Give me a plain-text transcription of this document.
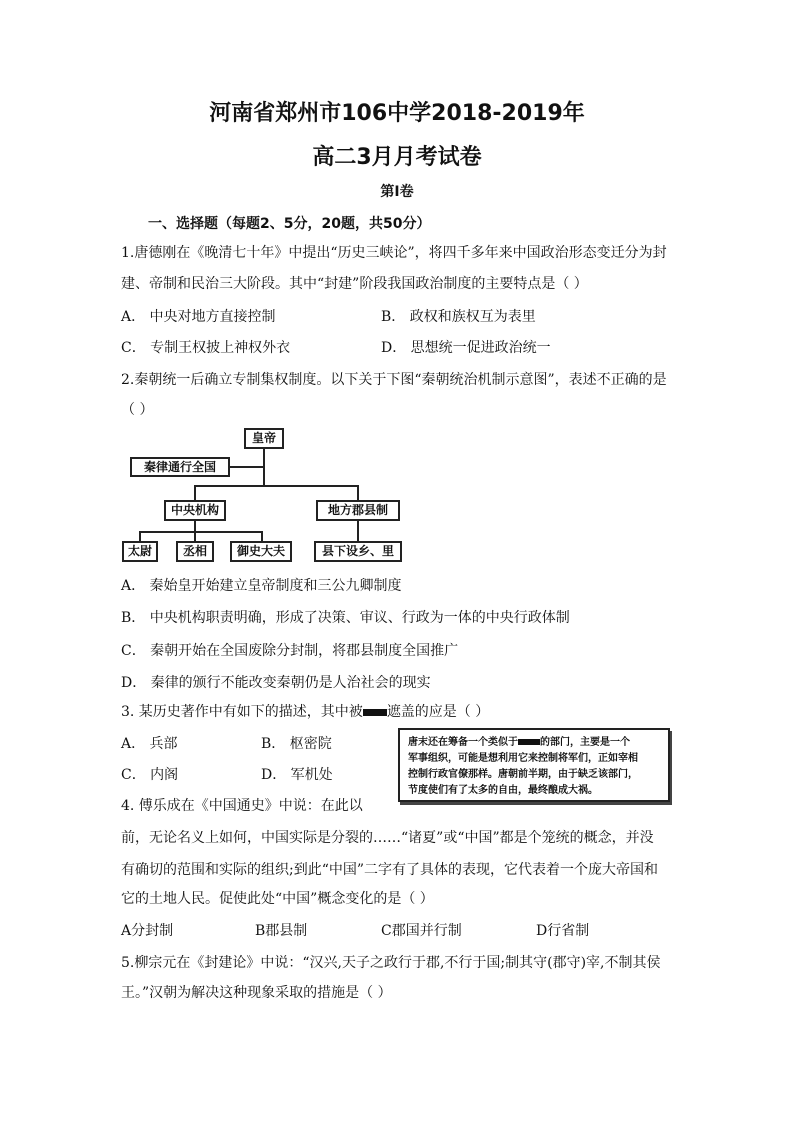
河南省郑州市106中学2018-2019年
高二3月月考试卷
第Ⅰ卷
一、选择题（每题2、5分，20题，共50分）
1.唐德刚在《晚清七十年》中提出“历史三峡论”，将四千多年来中国政治形态变迁分为封
建、帝制和民治三大阶段。其中“封建”阶段我国政治制度的主要特点是（ ）
A． 中央对地方直接控制	B． 政权和族权互为表里
C． 专制王权披上神权外衣	D． 思想统一促进政治统一
2.秦朝统一后确立专制集权制度。以下关于下图“秦朝统治机制示意图”，表述不正确的是
（ ）
皇帝
秦律通行全国
中央机构	地方郡县制
太尉	丞相	御史大夫	县下设乡、里
A． 秦始皇开始建立皇帝制度和三公九卿制度
B． 中央机构职责明确，形成了决策、审议、行政为一体的中央行政体制
C． 秦朝开始在全国废除分封制，将郡县制度全国推广
D． 秦律的颁行不能改变秦朝仍是人治社会的现实
3. 某历史著作中有如下的描述，其中被 遮盖的应是（ ）
A． 兵部	B． 枢密院
C． 内阁	D． 军机处
唐末还在筹备一个类似于 的部门，主要是一个
军事组织，可能是想利用它来控制将军们，正如宰相
控制行政官僚那样。唐朝前半期，由于缺乏该部门，
节度使们有了太多的自由，最终酿成大祸。
4. 傅乐成在《中国通史》中说：在此以
前，无论名义上如何，中国实际是分裂的……“诸夏”或“中国”都是个笼统的概念，并没
有确切的范围和实际的组织;到此“中国”二字有了具体的表现，它代表着一个庞大帝国和
它的土地人民。促使此处“中国”概念变化的是（ ）
A分封制	B郡县制	C郡国并行制	D行省制
5.柳宗元在《封建论》中说：“汉兴,天子之政行于郡,不行于国;制其守(郡守)宰,不制其侯
王。”汉朝为解决这种现象采取的措施是（ ）
